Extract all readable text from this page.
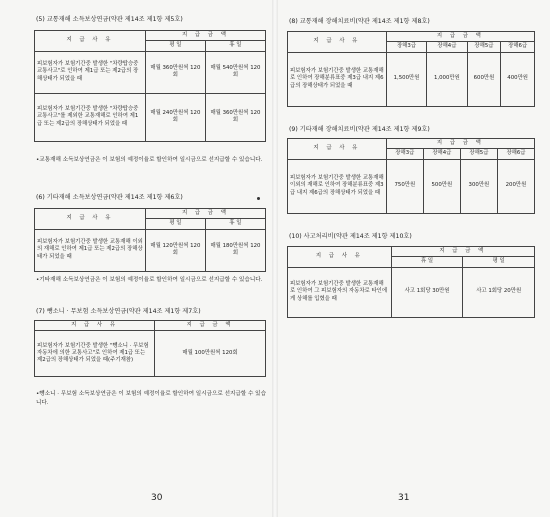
(5) 교통재해 소득보상연금(약관 제14조 제1항 제5호)
지 급 사 유	지 급 금 액	
	평 일	휴 일
피보험자가 보험기간중 발생한 "차량탑승중 교통사고"로 인하여 제1급 또는 제2급의 장해상태가 되었을 때	매월 360만원씩 120회	매월 540만원씩 120회
피보험자가 보험기간중 발생한 "차량탑승중 교통사고"를 제외한 교통재해로 인하여 제1급 또는 제2급의 장해상태가 되었을 때	매월 240만원씩 120회	매월 360만원씩 120회
•교통재해 소득보상연금은 이 보험의 예정이율로 할인하여 일시금으로 선지급할 수 있습니다.
(6) 기타재해 소득보상연금(약관 제14조 제1항 제6호)
지 급 사 유	지 급 금 액	
	평 일	휴 일
피보험자가 보험기간중 발생한 교통재해 이외의 재해로 인하여 제1급 또는 제2급의 장해상태가 되었을 때	매월 120만원씩 120회	매월 180만원씩 120회
•기타재해 소득보상연금은 이 보험의 예정이율로 할인하여 일시금으로 선지급할 수 있습니다.
(7) 뺑소니 · 무보험 소득보상연금(약관 제14조 제1항 제7호)
지 급 사 유	지 급 금 액
피보험자가 보험기간중 발생한 "뺑소니 · 무보험 자동차에 의한 교통사고"로 인하여 제1급 또는 제2급의 장해상태가 되었을 때(주기재참)	매월 100만원씩 120회
•뺑소니 · 무보험 소득보상연금은 이 보험의 예정이율로 할인하여 일시금으로 선지급할 수 있습니다.
30
(8) 교통재해 장해치료비(약관 제14조 제1항 제8호)
지 급 사 유	지 급 금 액			
	장해3급	장해4급	장해5급	장해6급
피보험자가 보험기간중 발생한 교통재해로 인하여 장해분류표중 제3급 내지 제6급의 장해상태가 되었을 때	1,500만원	1,000만원	600만원	400만원
(9) 기타재해 장해치료비(약관 제14조 제1항 제9호)
지 급 사 유	지 급 금 액			
	장해3급	장해4급	장해5급	장해6급
피보험자가 보험기간중 발생한 교통재해 이외의 재해로 인하여 장해분류표중 제3급 내지 제6급의 장해상태가 되었을 때	750만원	500만원	300만원	200만원
(10) 사고처리비(약관 제14조 제1항 제10호)
지 급 사 유	지 급 금 액	
	휴 일	평 일
피보험자가 보험기간중 발생한 교통재해로 인하여 그 피보험자의 자동차로 타인에게 상해를 입혔을 때	사고 1회당 30만원	사고 1회당 20만원
31
